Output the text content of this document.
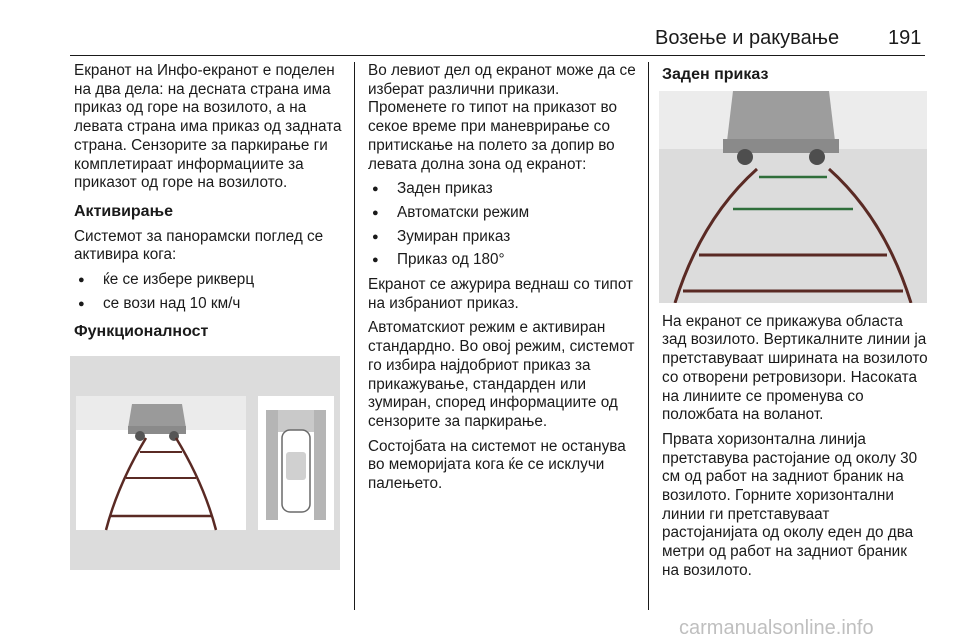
Возење и ракување 191

Екранот на Инфо-екранот е поделен на два дела: на десната страна има приказ од горе на возилото, а на левата страна има приказ од задната страна. Сензорите за паркирање ги комплетираат информациите за приказот од горе на возилото.

Активирање

Системот за панорамски поглед се активира кога:

● ќе се избере рикверц
● се вози над 10 км/ч
Функционалност

Во левиот дел од екранот може да се изберат различни прикази. Променете го типот на приказот во секое време при маневрирање со притискање на полето за допир во левата долна зона од екранот:

● Заден приказ
● Автоматски режим
● Зумиран приказ
● Приказ од 180°

Екранот се ажурира веднаш со типот на избраниот приказ.

Автоматскиот режим е активиран стандардно. Во овој режим, системот го избира најдобриот приказ за прикажување, стандарден или зумиран, според информациите од сензорите за паркирање.

Состојбата на системот не останува во меморијата кога ќе се исклучи палењето.

Заден приказ

На екранот се прикажува областа зад возилото. Вертикалните линии ја претставуваат ширината на возилото со отворени ретровизори. Насоката на линиите се променува со положбата на воланот.

Првата хоризонтална линија претставува растојание од околу 30 см од работ на задниот браник на возилото. Горните хоризонтални линии ги претставуваат растојанијата од околу еден до два метри од работ на задниот браник на возилото.

carmanualsonline.info
